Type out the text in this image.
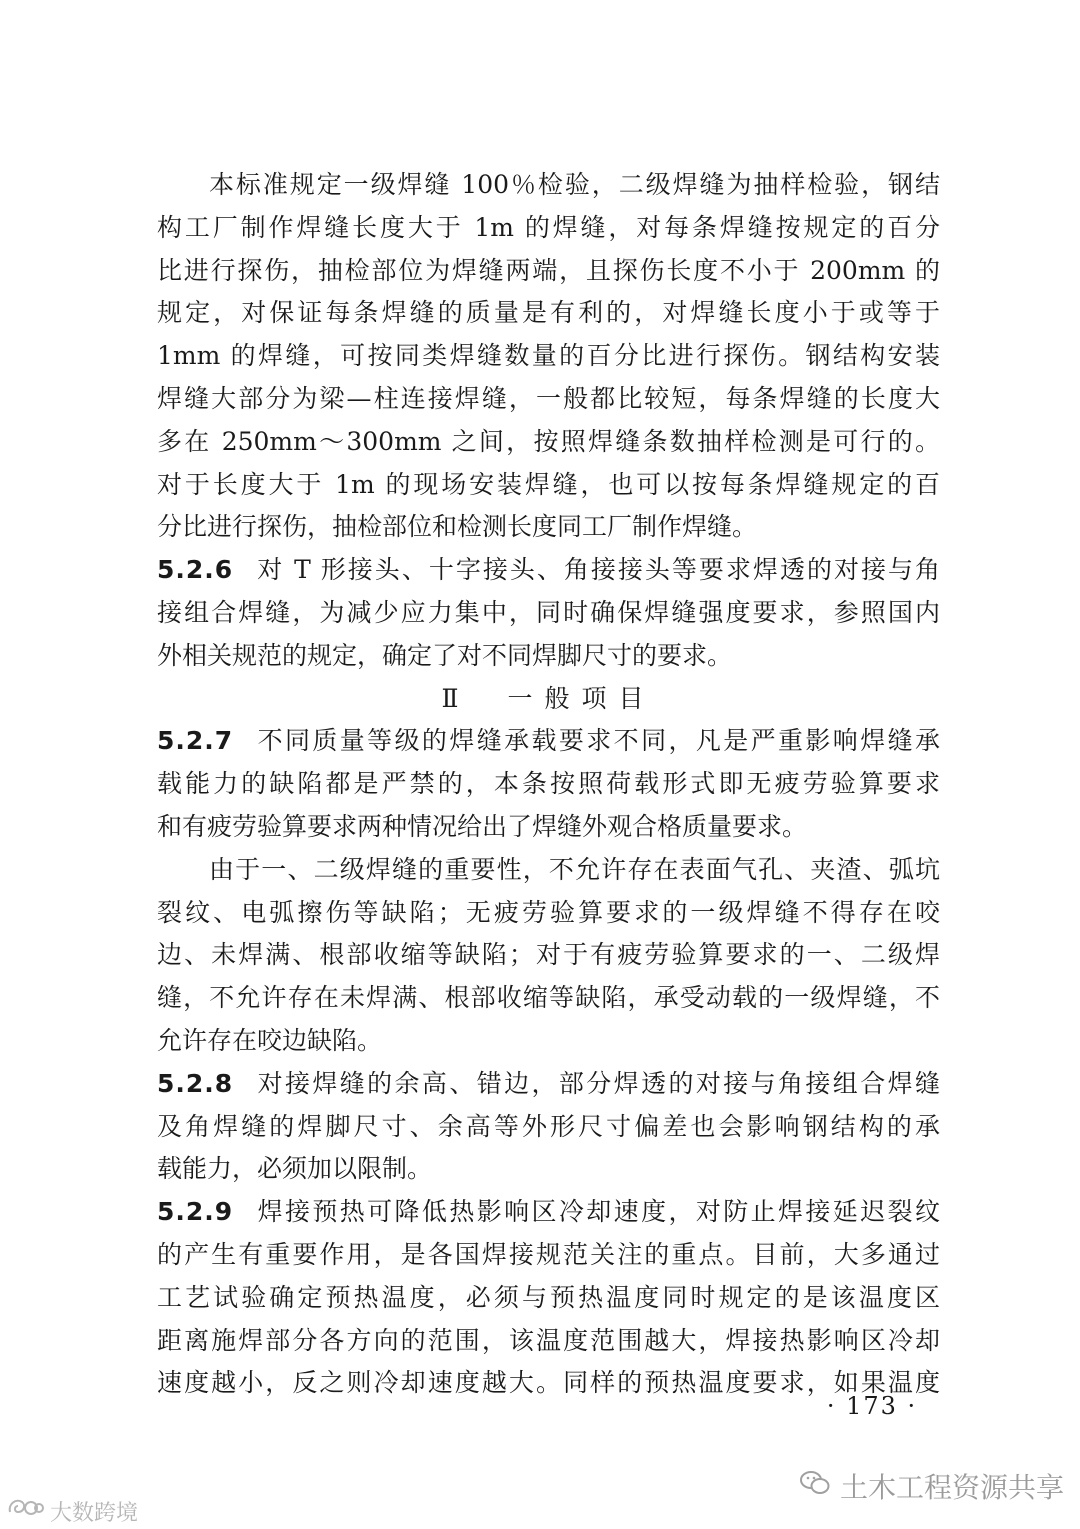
本标准规定一级焊缝 100％检验，二级焊缝为抽样检验，钢结
构工厂制作焊缝长度大于 1m 的焊缝，对每条焊缝按规定的百分
比进行探伤，抽检部位为焊缝两端，且探伤长度不小于 200mm 的
规定，对保证每条焊缝的质量是有利的，对焊缝长度小于或等于
1mm 的焊缝，可按同类焊缝数量的百分比进行探伤。钢结构安装
焊缝大部分为梁—柱连接焊缝，一般都比较短，每条焊缝的长度大
多在 250mm～300mm 之间，按照焊缝条数抽样检测是可行的。
对于长度大于 1m 的现场安装焊缝，也可以按每条焊缝规定的百
分比进行探伤，抽检部位和检测长度同工厂制作焊缝。
5.2.6 对 T 形接头、十字接头、角接接头等要求焊透的对接与角
接组合焊缝，为减少应力集中，同时确保焊缝强度要求，参照国内
外相关规范的规定，确定了对不同焊脚尺寸的要求。
Ⅱ　一般项目
5.2.7 不同质量等级的焊缝承载要求不同，凡是严重影响焊缝承
载能力的缺陷都是严禁的，本条按照荷载形式即无疲劳验算要求
和有疲劳验算要求两种情况给出了焊缝外观合格质量要求。
由于一、二级焊缝的重要性，不允许存在表面气孔、夹渣、弧坑
裂纹、电弧擦伤等缺陷；无疲劳验算要求的一级焊缝不得存在咬
边、未焊满、根部收缩等缺陷；对于有疲劳验算要求的一、二级焊
缝，不允许存在未焊满、根部收缩等缺陷，承受动载的一级焊缝，不
允许存在咬边缺陷。
5.2.8 对接焊缝的余高、错边，部分焊透的对接与角接组合焊缝
及角焊缝的焊脚尺寸、余高等外形尺寸偏差也会影响钢结构的承
载能力，必须加以限制。
5.2.9 焊接预热可降低热影响区冷却速度，对防止焊接延迟裂纹
的产生有重要作用，是各国焊接规范关注的重点。目前，大多通过
工艺试验确定预热温度，必须与预热温度同时规定的是该温度区
距离施焊部分各方向的范围，该温度范围越大，焊接热影响区冷却
速度越小，反之则冷却速度越大。同样的预热温度要求，如果温度
· 173 ·
土木工程资源共享
大数跨境
